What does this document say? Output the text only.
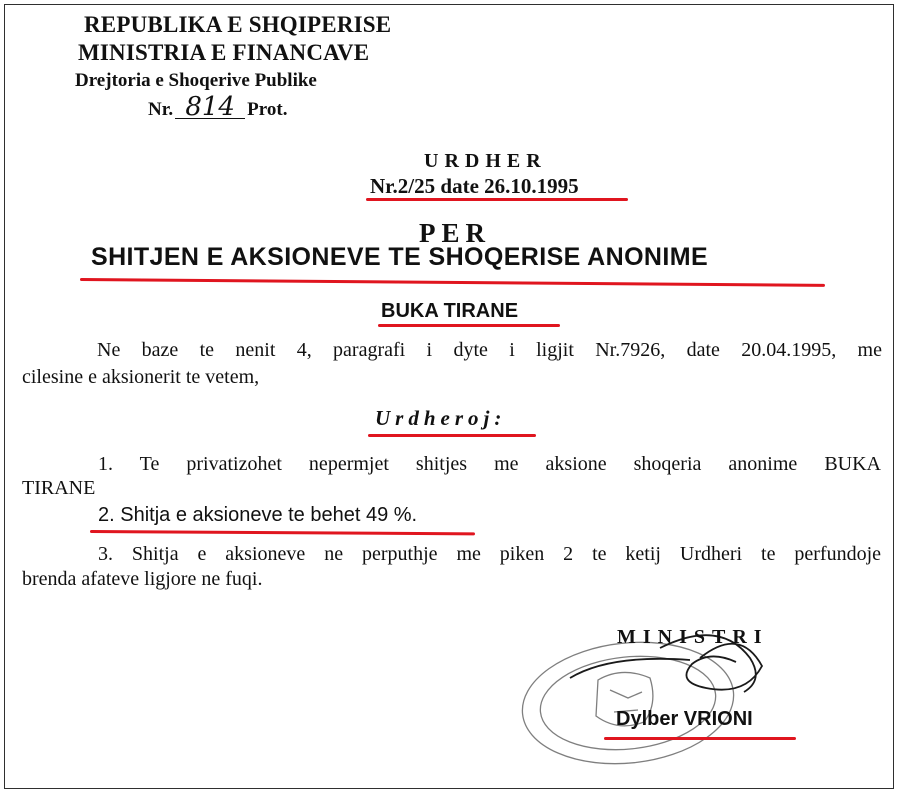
REPUBLIKA E SHQIPERISE
MINISTRIA E FINANCAVE
Drejtoria e Shoqerive Publike
Nr. 814 Prot.
URDHER
Nr.2/25 date 26.10.1995
PER
SHITJEN E AKSIONEVE TE SHOQERISE ANONIME
BUKA TIRANE
Ne baze te nenit 4, paragrafi i dyte i ligjit Nr.7926, date 20.04.1995, me
cilesine e aksionerit te vetem,
Urdheroj:
1. Te privatizohet nepermjet shitjes me aksione shoqeria anonime BUKA
TIRANE
2. Shitja e aksioneve te behet 49 %.
3. Shitja e aksioneve ne perputhje me piken 2 te ketij Urdheri te perfundoje
brenda afateve ligjore ne fuqi.
MINISTRI
Dylber VRIONI
